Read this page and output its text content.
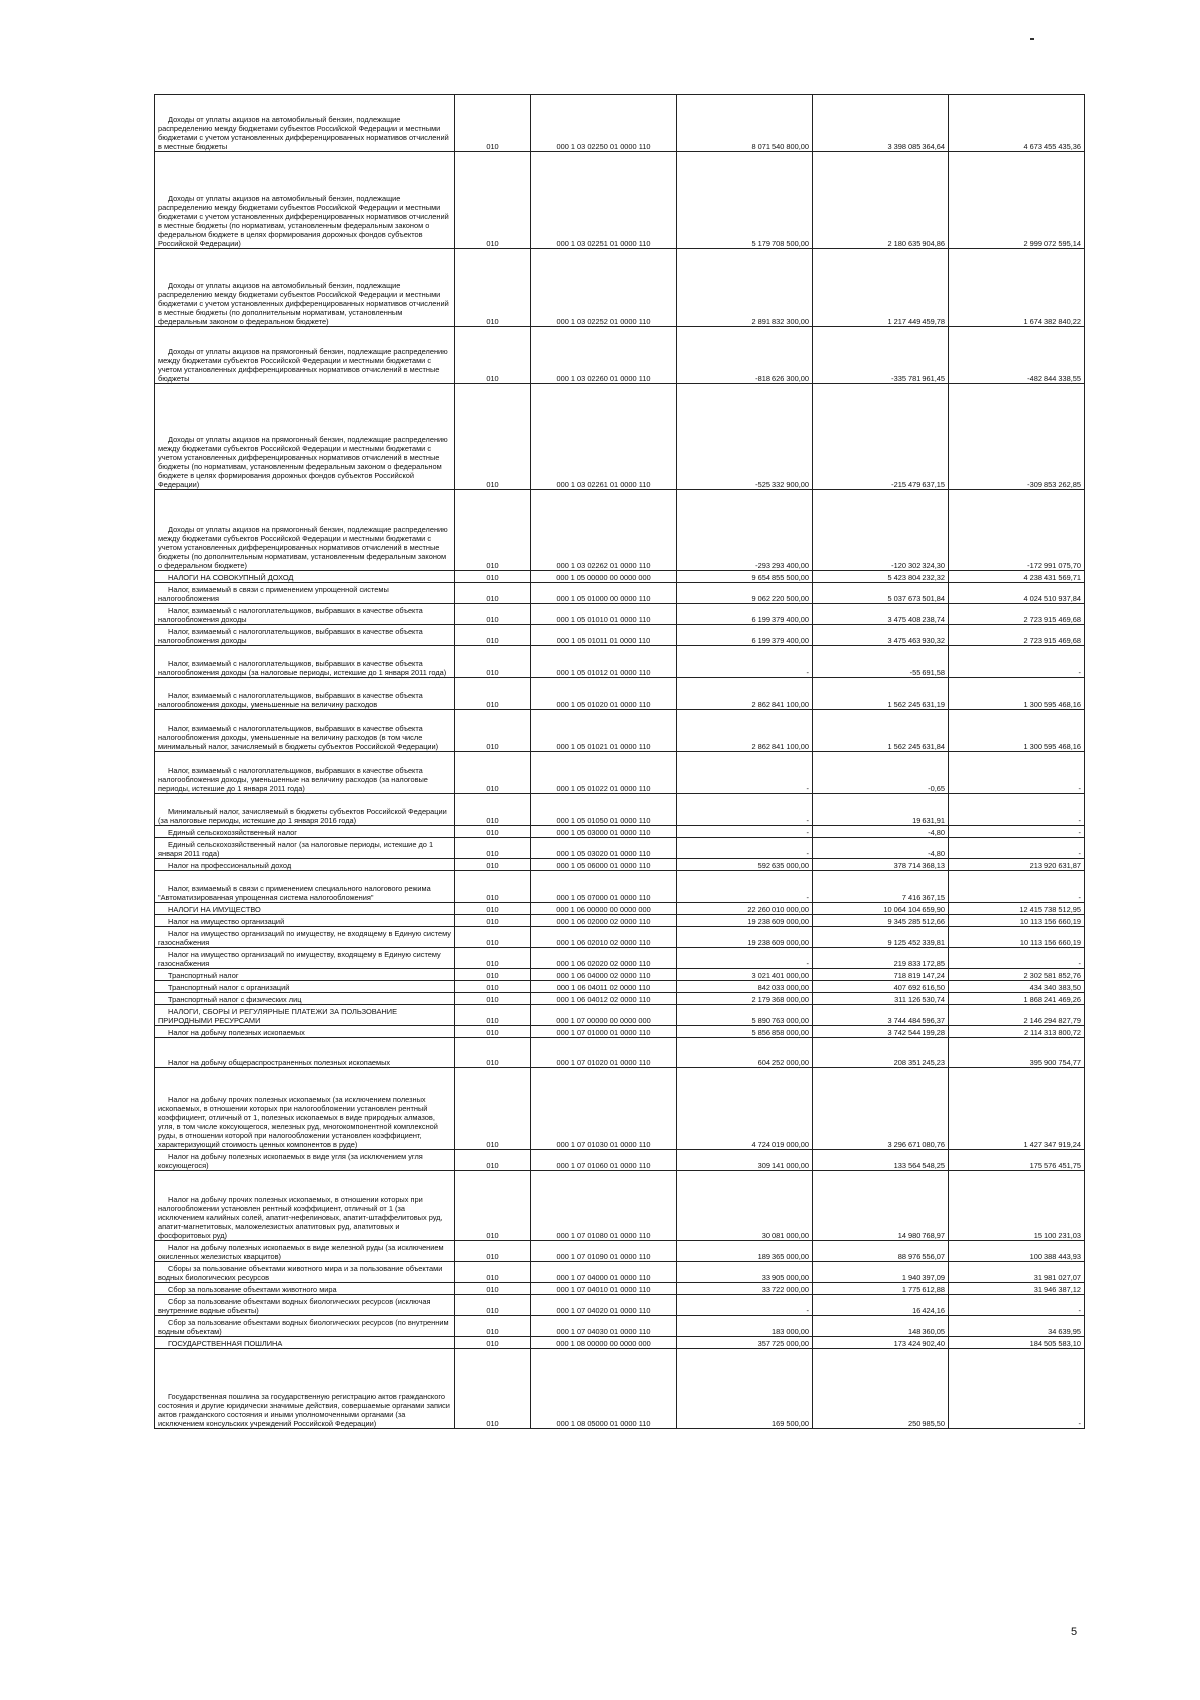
Доходы от уплаты акцизов на автомобильный бензин, подлежащие распределению между бюджетами субъектов Российской Федерации и местными бюджетами с учетом установленных дифференцированных нормативов отчислений в местные бюджеты	010	000 1 03 02250 01 0000 110	8 071 540 800,00	3 398 085 364,64	4 673 455 435,36
Доходы от уплаты акцизов на автомобильный бензин, подлежащие распределению между бюджетами субъектов Российской Федерации и местными бюджетами с учетом установленных дифференцированных нормативов отчислений в местные бюджеты (по нормативам, установленным федеральным законом о федеральном бюджете в целях формирования дорожных фондов субъектов Российской Федерации)	010	000 1 03 02251 01 0000 110	5 179 708 500,00	2 180 635 904,86	2 999 072 595,14
Доходы от уплаты акцизов на автомобильный бензин, подлежащие распределению между бюджетами субъектов Российской Федерации и местными бюджетами с учетом установленных дифференцированных нормативов отчислений в местные бюджеты (по дополнительным нормативам, установленным федеральным законом о федеральном бюджете)	010	000 1 03 02252 01 0000 110	2 891 832 300,00	1 217 449 459,78	1 674 382 840,22
Доходы от уплаты акцизов на прямогонный бензин, подлежащие распределению между бюджетами субъектов Российской Федерации и местными бюджетами с учетом установленных дифференцированных нормативов отчислений в местные бюджеты	010	000 1 03 02260 01 0000 110	-818 626 300,00	-335 781 961,45	-482 844 338,55
Доходы от уплаты акцизов на прямогонный бензин, подлежащие распределению между бюджетами субъектов Российской Федерации и местными бюджетами с учетом установленных дифференцированных нормативов отчислений в местные бюджеты (по нормативам, установленным федеральным законом о федеральном бюджете в целях формирования дорожных фондов субъектов Российской Федерации)	010	000 1 03 02261 01 0000 110	-525 332 900,00	-215 479 637,15	-309 853 262,85
Доходы от уплаты акцизов на прямогонный бензин, подлежащие распределению между бюджетами субъектов Российской Федерации и местными бюджетами с учетом установленных дифференцированных нормативов отчислений в местные бюджеты (по дополнительным нормативам, установленным федеральным законом о федеральном бюджете)	010	000 1 03 02262 01 0000 110	-293 293 400,00	-120 302 324,30	-172 991 075,70
НАЛОГИ НА СОВОКУПНЫЙ ДОХОД	010	000 1 05 00000 00 0000 000	9 654 855 500,00	5 423 804 232,32	4 238 431 569,71
Налог, взимаемый в связи с применением упрощенной системы налогообложения	010	000 1 05 01000 00 0000 110	9 062 220 500,00	5 037 673 501,84	4 024 510 937,84
Налог, взимаемый с налогоплательщиков, выбравших в качестве объекта налогообложения доходы	010	000 1 05 01010 01 0000 110	6 199 379 400,00	3 475 408 238,74	2 723 915 469,68
Налог, взимаемый с налогоплательщиков, выбравших в качестве объекта налогообложения доходы	010	000 1 05 01011 01 0000 110	6 199 379 400,00	3 475 463 930,32	2 723 915 469,68
Налог, взимаемый с налогоплательщиков, выбравших в качестве объекта налогообложения доходы (за налоговые периоды, истекшие до 1 января 2011 года)	010	000 1 05 01012 01 0000 110	-	-55 691,58	-
Налог, взимаемый с налогоплательщиков, выбравших в качестве объекта налогообложения доходы, уменьшенные на величину расходов	010	000 1 05 01020 01 0000 110	2 862 841 100,00	1 562 245 631,19	1 300 595 468,16
Налог, взимаемый с налогоплательщиков, выбравших в качестве объекта налогообложения доходы, уменьшенные на величину расходов (в том числе минимальный налог, зачисляемый в бюджеты субъектов Российской Федерации)	010	000 1 05 01021 01 0000 110	2 862 841 100,00	1 562 245 631,84	1 300 595 468,16
Налог, взимаемый с налогоплательщиков, выбравших в качестве объекта налогообложения доходы, уменьшенные на величину расходов (за налоговые периоды, истекшие до 1 января 2011 года)	010	000 1 05 01022 01 0000 110	-	-0,65	-
Минимальный налог, зачисляемый в бюджеты субъектов Российской Федерации (за налоговые периоды, истекшие до 1 января 2016 года)	010	000 1 05 01050 01 0000 110	-	19 631,91	-
Единый сельскохозяйственный налог	010	000 1 05 03000 01 0000 110	-	-4,80	-
Единый сельскохозяйственный налог (за налоговые периоды, истекшие до 1 января 2011 года)	010	000 1 05 03020 01 0000 110	-	-4,80	-
Налог на профессиональный доход	010	000 1 05 06000 01 0000 110	592 635 000,00	378 714 368,13	213 920 631,87
Налог, взимаемый в связи с применением специального налогового режима "Автоматизированная упрощенная система налогообложения"	010	000 1 05 07000 01 0000 110	-	7 416 367,15	-
НАЛОГИ НА ИМУЩЕСТВО	010	000 1 06 00000 00 0000 000	22 260 010 000,00	10 064 104 659,90	12 415 738 512,95
Налог на имущество организаций	010	000 1 06 02000 02 0000 110	19 238 609 000,00	9 345 285 512,66	10 113 156 660,19
Налог на имущество организаций по имуществу, не входящему в Единую систему газоснабжения	010	000 1 06 02010 02 0000 110	19 238 609 000,00	9 125 452 339,81	10 113 156 660,19
Налог на имущество организаций по имуществу, входящему в Единую систему газоснабжения	010	000 1 06 02020 02 0000 110	-	219 833 172,85	-
Транспортный налог	010	000 1 06 04000 02 0000 110	3 021 401 000,00	718 819 147,24	2 302 581 852,76
Транспортный налог с организаций	010	000 1 06 04011 02 0000 110	842 033 000,00	407 692 616,50	434 340 383,50
Транспортный налог с физических лиц	010	000 1 06 04012 02 0000 110	2 179 368 000,00	311 126 530,74	1 868 241 469,26
НАЛОГИ, СБОРЫ И РЕГУЛЯРНЫЕ ПЛАТЕЖИ ЗА ПОЛЬЗОВАНИЕ ПРИРОДНЫМИ РЕСУРСАМИ	010	000 1 07 00000 00 0000 000	5 890 763 000,00	3 744 484 596,37	2 146 294 827,79
Налог на добычу полезных ископаемых	010	000 1 07 01000 01 0000 110	5 856 858 000,00	3 742 544 199,28	2 114 313 800,72
Налог на добычу общераспространенных полезных ископаемых	010	000 1 07 01020 01 0000 110	604 252 000,00	208 351 245,23	395 900 754,77
Налог на добычу прочих полезных ископаемых (за исключением полезных ископаемых, в отношении которых при налогообложении установлен рентный коэффициент, отличный от 1, полезных ископаемых в виде природных алмазов, угля, в том числе коксующегося, железных руд, многокомпонентной комплексной руды, в отношении которой при налогообложении установлен коэффициент, характеризующий стоимость ценных компонентов в руде)	010	000 1 07 01030 01 0000 110	4 724 019 000,00	3 296 671 080,76	1 427 347 919,24
Налог на добычу полезных ископаемых в виде угля (за исключением угля коксующегося)	010	000 1 07 01060 01 0000 110	309 141 000,00	133 564 548,25	175 576 451,75
Налог на добычу прочих полезных ископаемых, в отношении которых при налогообложении установлен рентный коэффициент, отличный от 1 (за исключением калийных солей, апатит-нефелиновых, апатит-штаффелитовых руд, апатит-магнетитовых, маложелезистых апатитовых руд, апатитовых и фосфоритовых руд)	010	000 1 07 01080 01 0000 110	30 081 000,00	14 980 768,97	15 100 231,03
Налог на добычу полезных ископаемых в виде железной руды (за исключением окисленных железистых кварцитов)	010	000 1 07 01090 01 0000 110	189 365 000,00	88 976 556,07	100 388 443,93
Сборы за пользование объектами животного мира и за пользование объектами водных биологических ресурсов	010	000 1 07 04000 01 0000 110	33 905 000,00	1 940 397,09	31 981 027,07
Сбор за пользование объектами животного мира	010	000 1 07 04010 01 0000 110	33 722 000,00	1 775 612,88	31 946 387,12
Сбор за пользование объектами водных биологических ресурсов (исключая внутренние водные объекты)	010	000 1 07 04020 01 0000 110	-	16 424,16	-
Сбор за пользование объектами водных биологических ресурсов (по внутренним водным объектам)	010	000 1 07 04030 01 0000 110	183 000,00	148 360,05	34 639,95
ГОСУДАРСТВЕННАЯ ПОШЛИНА	010	000 1 08 00000 00 0000 000	357 725 000,00	173 424 902,40	184 505 583,10
Государственная пошлина за государственную регистрацию актов гражданского состояния и другие юридически значимые действия, совершаемые органами записи актов гражданского состояния и иными уполномоченными органами (за исключением консульских учреждений Российской Федерации)	010	000 1 08 05000 01 0000 110	169 500,00	250 985,50	-
5
